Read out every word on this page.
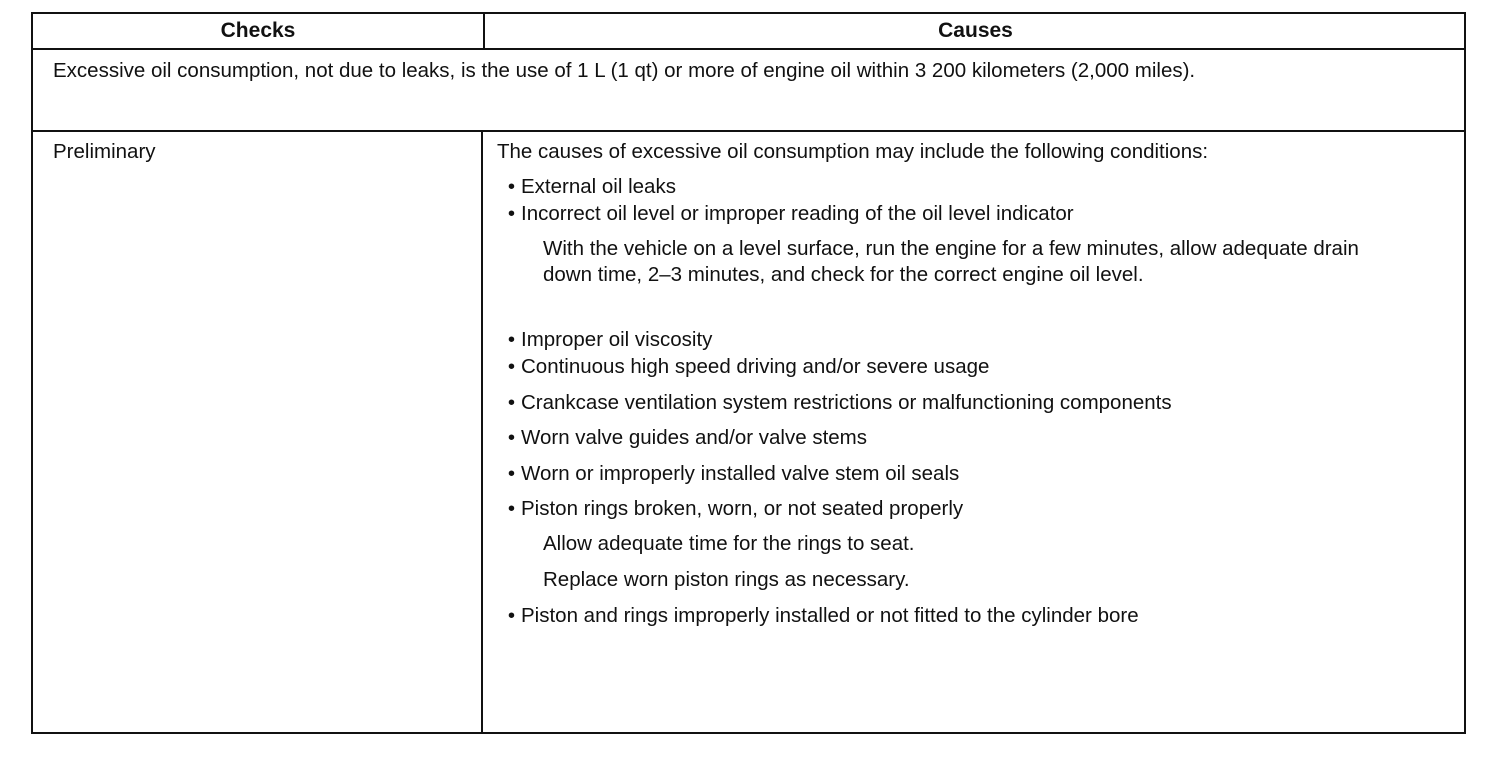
Checks	Causes
Excessive oil consumption, not due to leaks, is the use of 1 L (1 qt) or more of engine oil within 3 200 kilometers (2,000 miles).
Preliminary	The causes of excessive oil consumption may include the following conditions:
• External oil leaks
• Incorrect oil level or improper reading of the oil level indicator
With the vehicle on a level surface, run the engine for a few minutes, allow adequate drain down time, 2–3 minutes, and check for the correct engine oil level.
• Improper oil viscosity
• Continuous high speed driving and/or severe usage
• Crankcase ventilation system restrictions or malfunctioning components
• Worn valve guides and/or valve stems
• Worn or improperly installed valve stem oil seals
• Piston rings broken, worn, or not seated properly
Allow adequate time for the rings to seat.
Replace worn piston rings as necessary.
• Piston and rings improperly installed or not fitted to the cylinder bore
